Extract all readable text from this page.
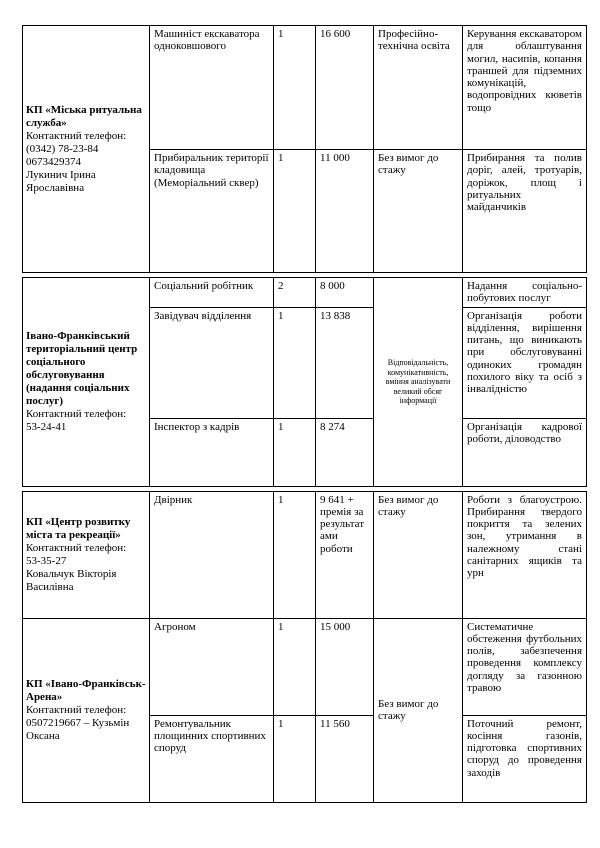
КП «Міська ритуальна служба»
Контактний телефон:
(0342) 78-23-84
0673429374
Лукинич Ірина Ярославівна	Машиніст екскаватора одноковшового	1	16 600	Професійно-технічна освіта	Керування екскаватором для облаштування могил, насипів, копання траншей для підземних комунікацій, водопровідних кюветів тощо
	Прибиральник території кладовища (Меморіальний сквер)	1	11 000	Без вимог до стажу	Прибирання та полив доріг, алей, тротуарів, доріжок, площ і ритуальних майданчиків

Івано-Франківський територіальний центр соціального обслуговування (надання соціальних послуг)
Контактний телефон:
53-24-41	Соціальний робітник	2	8 000	Відповідальність, комунікативність, вміння аналізувати великий обсяг інформації	Надання соціально-побутових послуг
	Завідувач відділення	1	13 838		Організація роботи відділення, вирішення питань, що виникають при обслуговуванні одиноких громадян похилого віку та осіб з інвалідністю
	Інспектор з кадрів	1	8 274		Організація кадрової роботи, діловодство

КП «Центр розвитку міста та рекреації»
Контактний телефон:
53-35-27
Ковальчук Вікторія Василівна	Двірник	1	9 641 + премія за результатами роботи	Без вимог до стажу	Роботи з благоустрою. Прибирання твердого покриття та зелених зон, утримання в належному стані санітарних ящиків та урн

КП «Івано-Франківськ-Арена»
Контактний телефон:
0507219667 – Кузьмін Оксана	Агроном	1	15 000	Без вимог до стажу	Систематичне обстеження футбольних полів, забезпечення проведення комплексу догляду за газонною травою
	Ремонтувальник площинних спортивних споруд	1	11 560		Поточний ремонт, косіння газонів, підготовка спортивних споруд до проведення заходів
